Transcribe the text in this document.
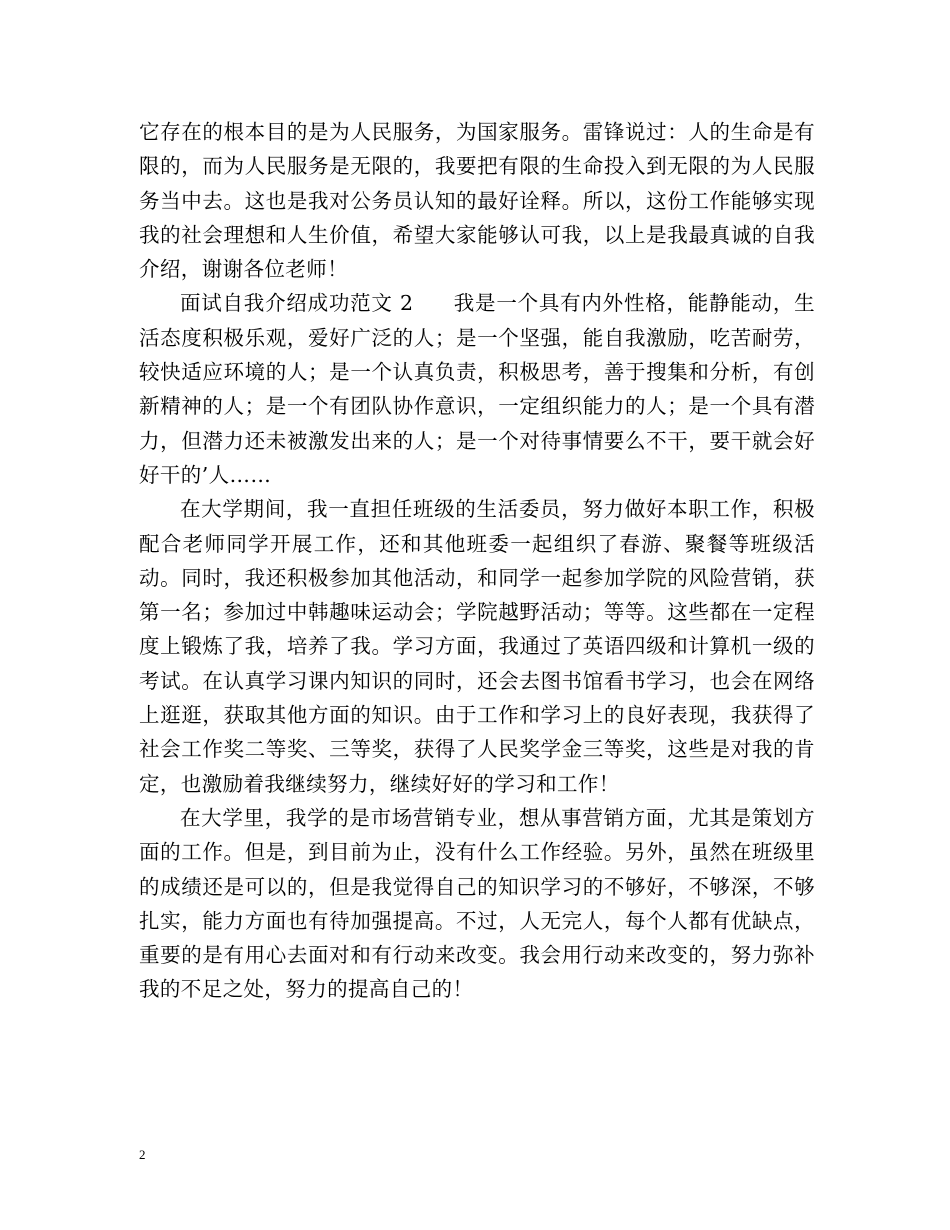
它存在的根本目的是为人民服务，为国家服务。雷锋说过：人的生命是有限的，而为人民服务是无限的，我要把有限的生命投入到无限的为人民服务当中去。这也是我对公务员认知的最好诠释。所以，这份工作能够实现我的社会理想和人生价值，希望大家能够认可我，以上是我最真诚的自我介绍，谢谢各位老师！

面试自我介绍成功范文 2 我是一个具有内外性格，能静能动，生活态度积极乐观，爱好广泛的人；是一个坚强，能自我激励，吃苦耐劳，较快适应环境的人；是一个认真负责，积极思考，善于搜集和分析，有创新精神的人；是一个有团队协作意识，一定组织能力的人；是一个具有潜力，但潜力还未被激发出来的人；是一个对待事情要么不干，要干就会好好干的’人……

在大学期间，我一直担任班级的生活委员，努力做好本职工作，积极配合老师同学开展工作，还和其他班委一起组织了春游、聚餐等班级活动。同时，我还积极参加其他活动，和同学一起参加学院的风险营销，获第一名；参加过中韩趣味运动会；学院越野活动；等等。这些都在一定程度上锻炼了我，培养了我。学习方面，我通过了英语四级和计算机一级的考试。在认真学习课内知识的同时，还会去图书馆看书学习，也会在网络上逛逛，获取其他方面的知识。由于工作和学习上的良好表现，我获得了社会工作奖二等奖、三等奖，获得了人民奖学金三等奖，这些是对我的肯定，也激励着我继续努力，继续好好的学习和工作！

在大学里，我学的是市场营销专业，想从事营销方面，尤其是策划方面的工作。但是，到目前为止，没有什么工作经验。另外，虽然在班级里的成绩还是可以的，但是我觉得自己的知识学习的不够好，不够深，不够扎实，能力方面也有待加强提高。不过，人无完人，每个人都有优缺点，重要的是有用心去面对和有行动来改变。我会用行动来改变的，努力弥补我的不足之处，努力的提高自己的！

2
